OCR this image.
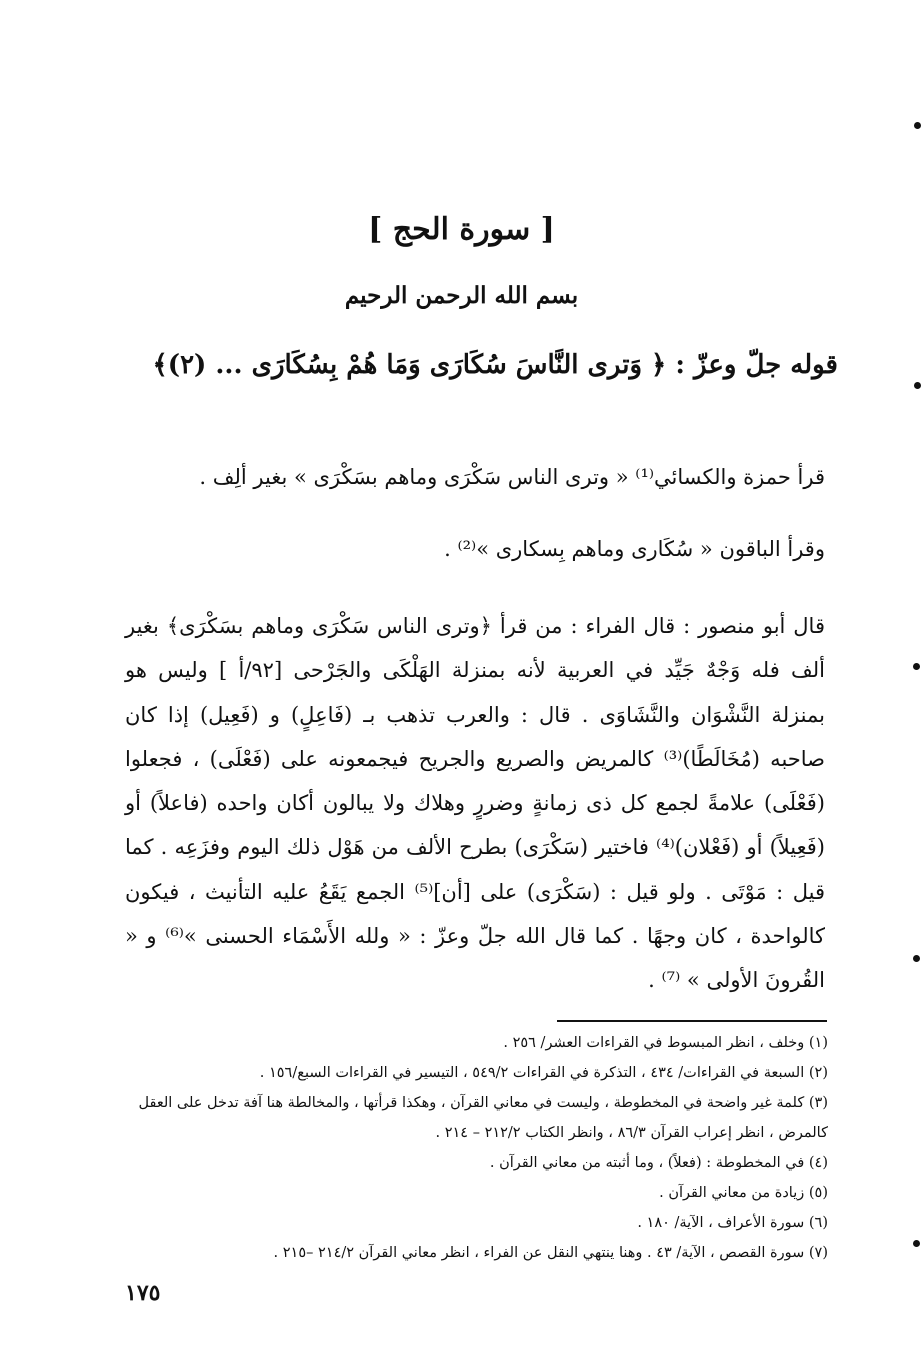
[ سورة الحج ]
بسم الله الرحمن الرحيم
قوله جلّ وعزّ : ﴿ وَترى النَّاسَ سُكَارَى وَمَا هُمْ بِسُكَارَى ... (٢)﴾
قرأ حمزة والكسائي⁽¹⁾ « وترى الناس سَكْرَى وماهم بسَكْرَى » بغير ألِف .
وقرأ الباقون « سُكَارى وماهم بِسكارى »⁽²⁾ .
قال أبو منصور : قال الفراء : من قرأ ﴿وترى الناس سَكْرَى وماهم بسَكْرَى﴾ بغير ألف فله وَجْهٌ جَيِّد في العربية لأنه بمنزلة الهَلْكَى والجَرْحى [٩٢/أ ] وليس هو بمنزلة النَّشْوَان والنَّشَاوَى . قال : والعرب تذهب بـ (فَاعِلٍ) و (فَعِيل) إذا كان صاحبه (مُخَالَطًا)⁽³⁾ كالمريض والصريع والجريح فيجمعونه على (فَعْلَى) ، فجعلوا (فَعْلَى) علامةً لجمع كل ذى زمانةٍ وضررٍ وهلاك ولا يبالون أكان واحده (فاعلاً) أو (فَعِيلاً) أو (فَعْلان)⁽⁴⁾ فاختير (سَكْرَى) بطرح الألف من هَوْل ذلك اليوم وفزَعِه . كما قيل : مَوْتَى . ولو قيل : (سَكْرَى) على [أن]⁽⁵⁾ الجمع يَقَعُ عليه التأنيث ، فيكون كالواحدة ، كان وجهًا . كما قال الله جلّ وعزّ : « ولله الأَسْمَاء الحسنى »⁽⁶⁾ و « القُرونَ الأولى » ⁽⁷⁾ .
(١) وخلف ، انظر المبسوط في القراءات العشر/ ٢٥٦ .
(٢) السبعة في القراءات/ ٤٣٤ ، التذكرة في القراءات ٥٤٩/٢ ، التيسير في القراءات السبع/١٥٦ .
(٣) كلمة غير واضحة في المخطوطة ، وليست في معاني القرآن ، وهكذا قرأتها ، والمخالطة هنا آفة تدخل على العقل كالمرض ، انظر إعراب القرآن ٨٦/٣ ، وانظر الكتاب ٢١٢/٢ – ٢١٤ .
(٤) في المخطوطة : (فعلاً) ، وما أثبته من معاني القرآن .
(٥) زيادة من معاني القرآن .
(٦) سورة الأعراف ، الآية/ ١٨٠ .
(٧) سورة القصص ، الآية/ ٤٣ . وهنا ينتهي النقل عن الفراء ، انظر معاني القرآن ٢١٤/٢ –٢١٥ .
١٧٥
